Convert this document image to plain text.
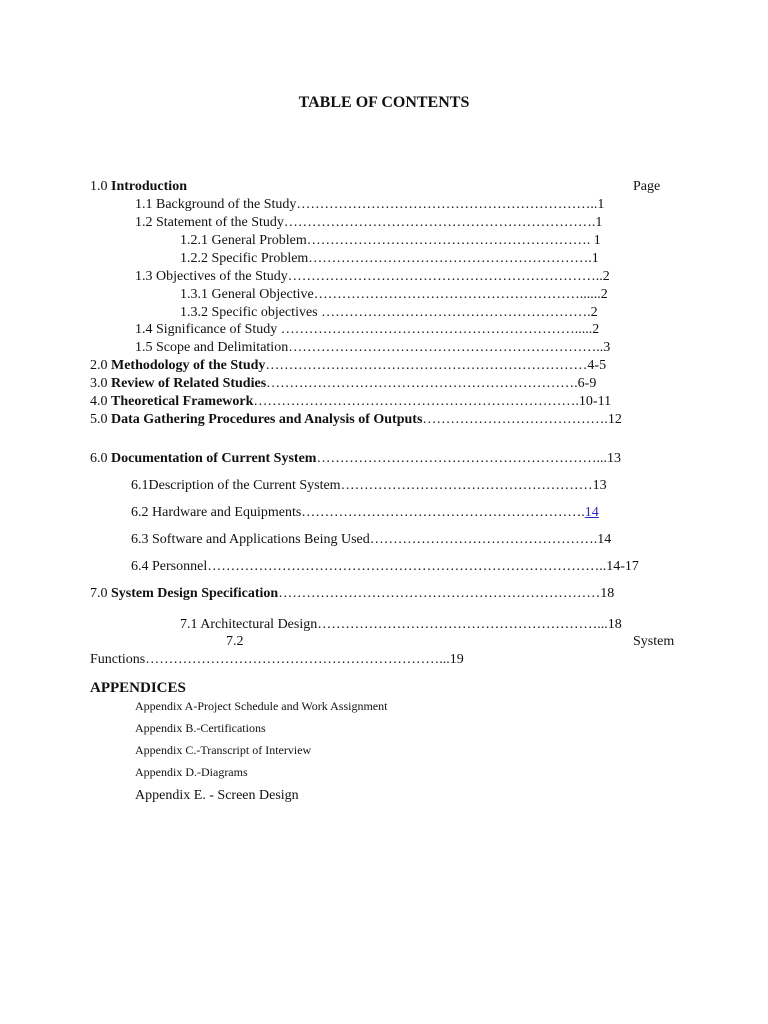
TABLE OF CONTENTS
1.0 Introduction	Page
1.1 Background of the Study………………………………………………………..1
1.2 Statement of the Study………………………………………………………….1
1.2.1 General Problem……………………………………………………. 1
1.2.2 Specific Problem…………………………………………………….1
1.3 Objectives of the Study…………………………………………………………..2
1.3.1 General Objective…………………………………………………......2
1.3.2 Specific objectives ………………………………………………….2
1.4 Significance of Study ……………………………………………………….....2
1.5 Scope and Delimitation…………………………………………………………..3
2.0 Methodology of the Study……………………………………………………………4-5
3.0 Review of Related Studies………………………………………………………….6-9
4.0 Theoretical Framework…………………………………………………………….10-11
5.0 Data Gathering Procedures and Analysis of Outputs………………………………….12
6.0 Documentation of Current System……………………………………………………...13
6.1Description of the Current System………………………………………………13
6.2 Hardware and Equipments…………………………………………………….14
6.3 Software and Applications Being Used………………………………………….14
6.4 Personnel…………………………………………………………………………..14-17
7.0 System Design Specification……………………………………………………………18
7.1 Architectural Design……………………………………………………...18
7.2	System
Functions………………………………………………………...19
APPENDICES
Appendix A-Project Schedule and Work Assignment
Appendix B.-Certifications
Appendix C.-Transcript of Interview
Appendix D.-Diagrams
Appendix E. - Screen Design
